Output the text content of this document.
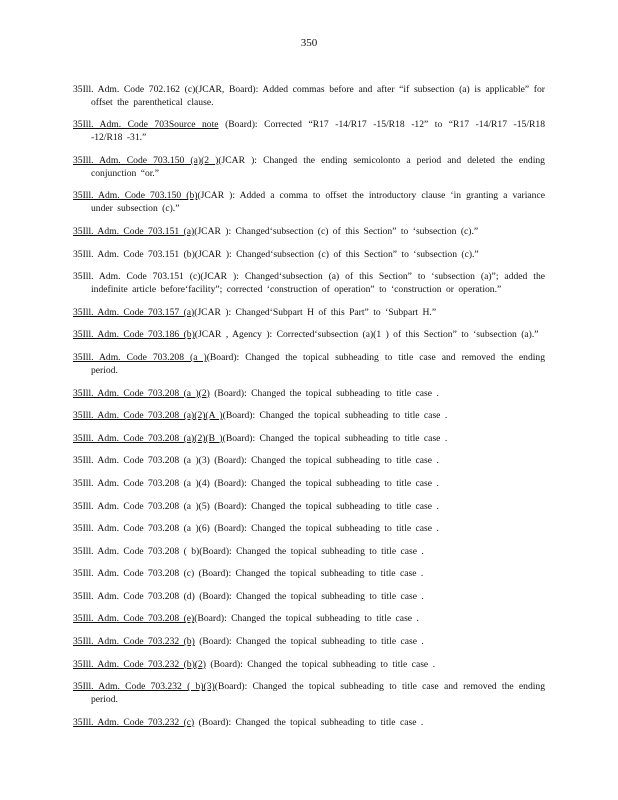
350

35Ill. Adm. Code 702.162 (c)(JCAR, Board): Added commas before and after “if subsection (a) is applicable” for offset the parenthetical clause.

35Ill. Adm. Code 703Source note (Board): Corrected “R17 -14/R17 -15/R18 -12” to “R17 -14/R17 -15/R18 -12/R18 -31.”

35Ill. Adm. Code 703.150 (a)(2 )(JCAR ): Changed the ending semicolonto a period and deleted the ending conjunction “or.”

35Ill. Adm. Code 703.150 (b)(JCAR ): Added a comma to offset the introductory clause ‘in granting a variance under subsection (c).”

35Ill. Adm. Code 703.151 (a)(JCAR ): Changed‘subsection (c) of this Section” to ‘subsection (c).”

35Ill. Adm. Code 703.151 (b)(JCAR ): Changed‘subsection (c) of this Section” to ‘subsection (c).”

35Ill. Adm. Code 703.151 (c)(JCAR ): Changed‘subsection (a) of this Section” to ‘subsection (a)”; added the indefinite article before‘facility”; corrected ‘construction of operation” to ‘construction or operation.”

35Ill. Adm. Code 703.157 (a)(JCAR ): Changed‘Subpart H of this Part” to ‘Subpart H.”

35Ill. Adm. Code 703.186 (b)(JCAR , Agency ): Corrected‘subsection (a)(1 ) of this Section” to ‘subsection (a).”

35Ill. Adm. Code 703.208 (a )(Board): Changed the topical subheading to title case and removed the ending period.

35Ill. Adm. Code 703.208 (a )(2) (Board): Changed the topical subheading to title case .

35Ill. Adm. Code 703.208 (a)(2)(A )(Board): Changed the topical subheading to title case .

35Ill. Adm. Code 703.208 (a)(2)(B )(Board): Changed the topical subheading to title case .

35Ill. Adm. Code 703.208 (a )(3) (Board): Changed the topical subheading to title case .

35Ill. Adm. Code 703.208 (a )(4) (Board): Changed the topical subheading to title case .

35Ill. Adm. Code 703.208 (a )(5) (Board): Changed the topical subheading to title case .

35Ill. Adm. Code 703.208 (a )(6) (Board): Changed the topical subheading to title case .

35Ill. Adm. Code 703.208 ( b)(Board): Changed the topical subheading to title case .

35Ill. Adm. Code 703.208 (c) (Board): Changed the topical subheading to title case .

35Ill. Adm. Code 703.208 (d) (Board): Changed the topical subheading to title case .

35Ill. Adm. Code 703.208 (e)(Board): Changed the topical subheading to title case .

35Ill. Adm. Code 703.232 (b) (Board): Changed the topical subheading to title case .

35Ill. Adm. Code 703.232 (b)(2) (Board): Changed the topical subheading to title case .

35Ill. Adm. Code 703.232 ( b)(3)(Board): Changed the topical subheading to title case and removed the ending period.

35Ill. Adm. Code 703.232 (c) (Board): Changed the topical subheading to title case .
